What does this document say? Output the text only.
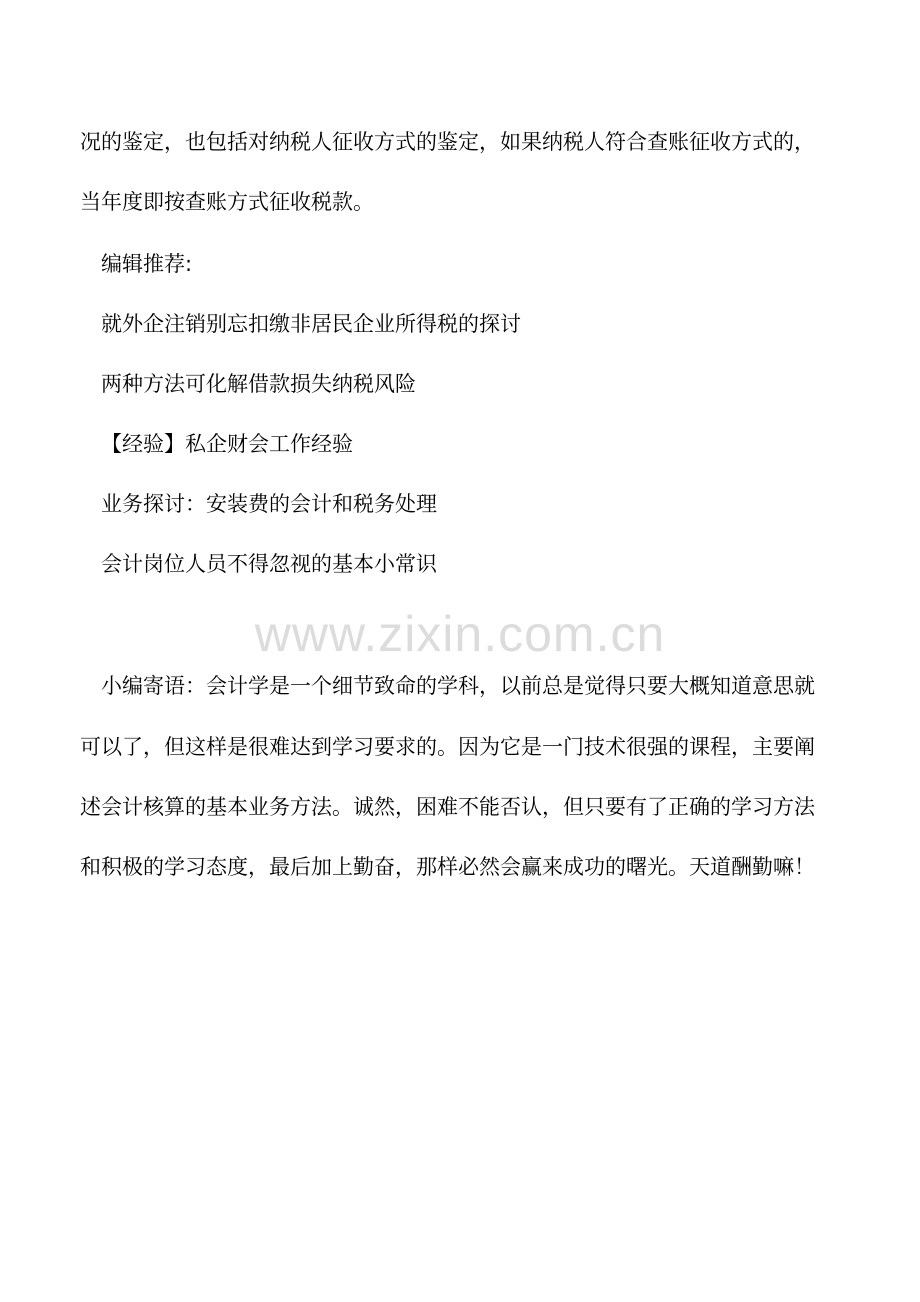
况的鉴定，也包括对纳税人征收方式的鉴定，如果纳税人符合查账征收方式的，
当年度即按查账方式征收税款。
编辑推荐:
就外企注销别忘扣缴非居民企业所得税的探讨
两种方法可化解借款损失纳税风险
【经验】私企财会工作经验
业务探讨：安装费的会计和税务处理
会计岗位人员不得忽视的基本小常识
www.zixin.com.cn
小编寄语：会计学是一个细节致命的学科，以前总是觉得只要大概知道意思就
可以了，但这样是很难达到学习要求的。因为它是一门技术很强的课程，主要阐
述会计核算的基本业务方法。诚然，困难不能否认，但只要有了正确的学习方法
和积极的学习态度，最后加上勤奋，那样必然会赢来成功的曙光。天道酬勤嘛！
